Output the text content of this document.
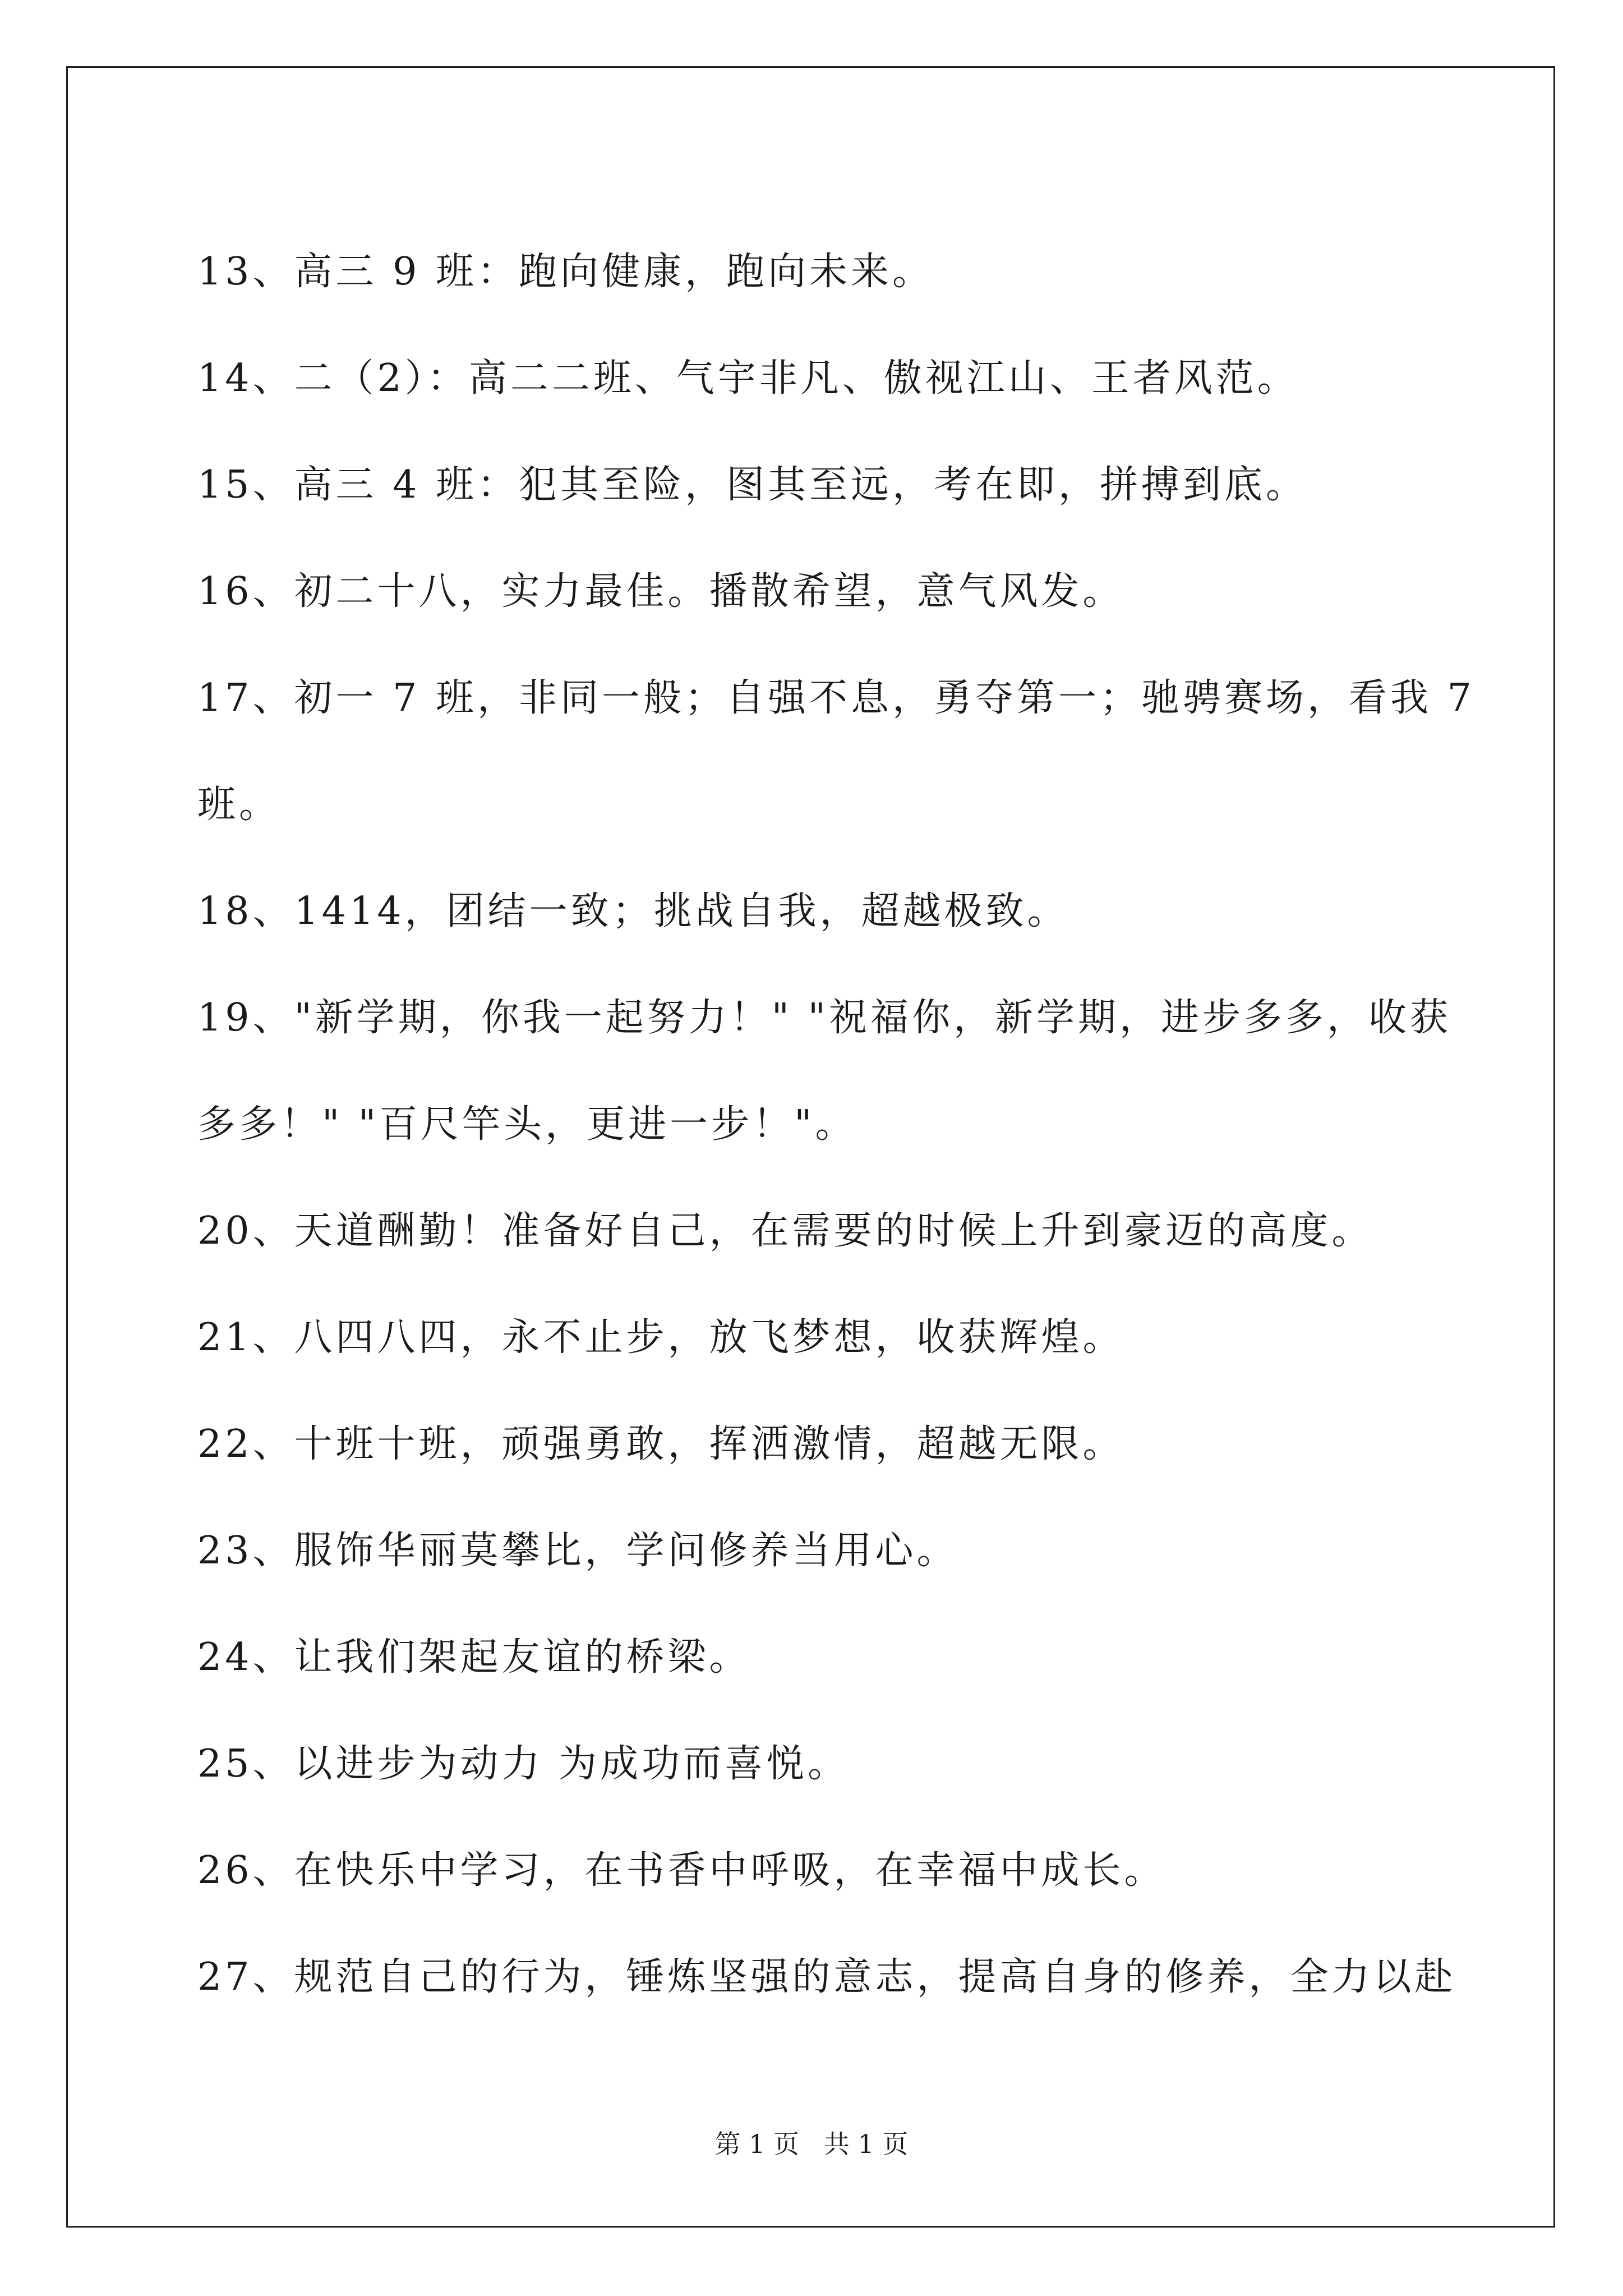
13、高三 9 班：跑向健康，跑向未来。
14、二（2）：高二二班、气宇非凡、傲视江山、王者风范。
15、高三 4 班：犯其至险，图其至远，考在即，拼搏到底。
16、初二十八，实力最佳。播散希望，意气风发。
17、初一 7 班，非同一般；自强不息，勇夺第一；驰骋赛场，看我 7
班。
18、1414，团结一致；挑战自我，超越极致。
19、"新学期，你我一起努力！" "祝福你，新学期，进步多多，收获
多多！" "百尺竿头，更进一步！"。
20、天道酬勤！准备好自己，在需要的时候上升到豪迈的高度。
21、八四八四，永不止步，放飞梦想，收获辉煌。
22、十班十班，顽强勇敢，挥洒激情，超越无限。
23、服饰华丽莫攀比，学问修养当用心。
24、让我们架起友谊的桥梁。
25、以进步为动力 为成功而喜悦。
26、在快乐中学习，在书香中呼吸，在幸福中成长。
27、规范自己的行为，锤炼坚强的意志，提高自身的修养，全力以赴
第 1 页   共 1 页
